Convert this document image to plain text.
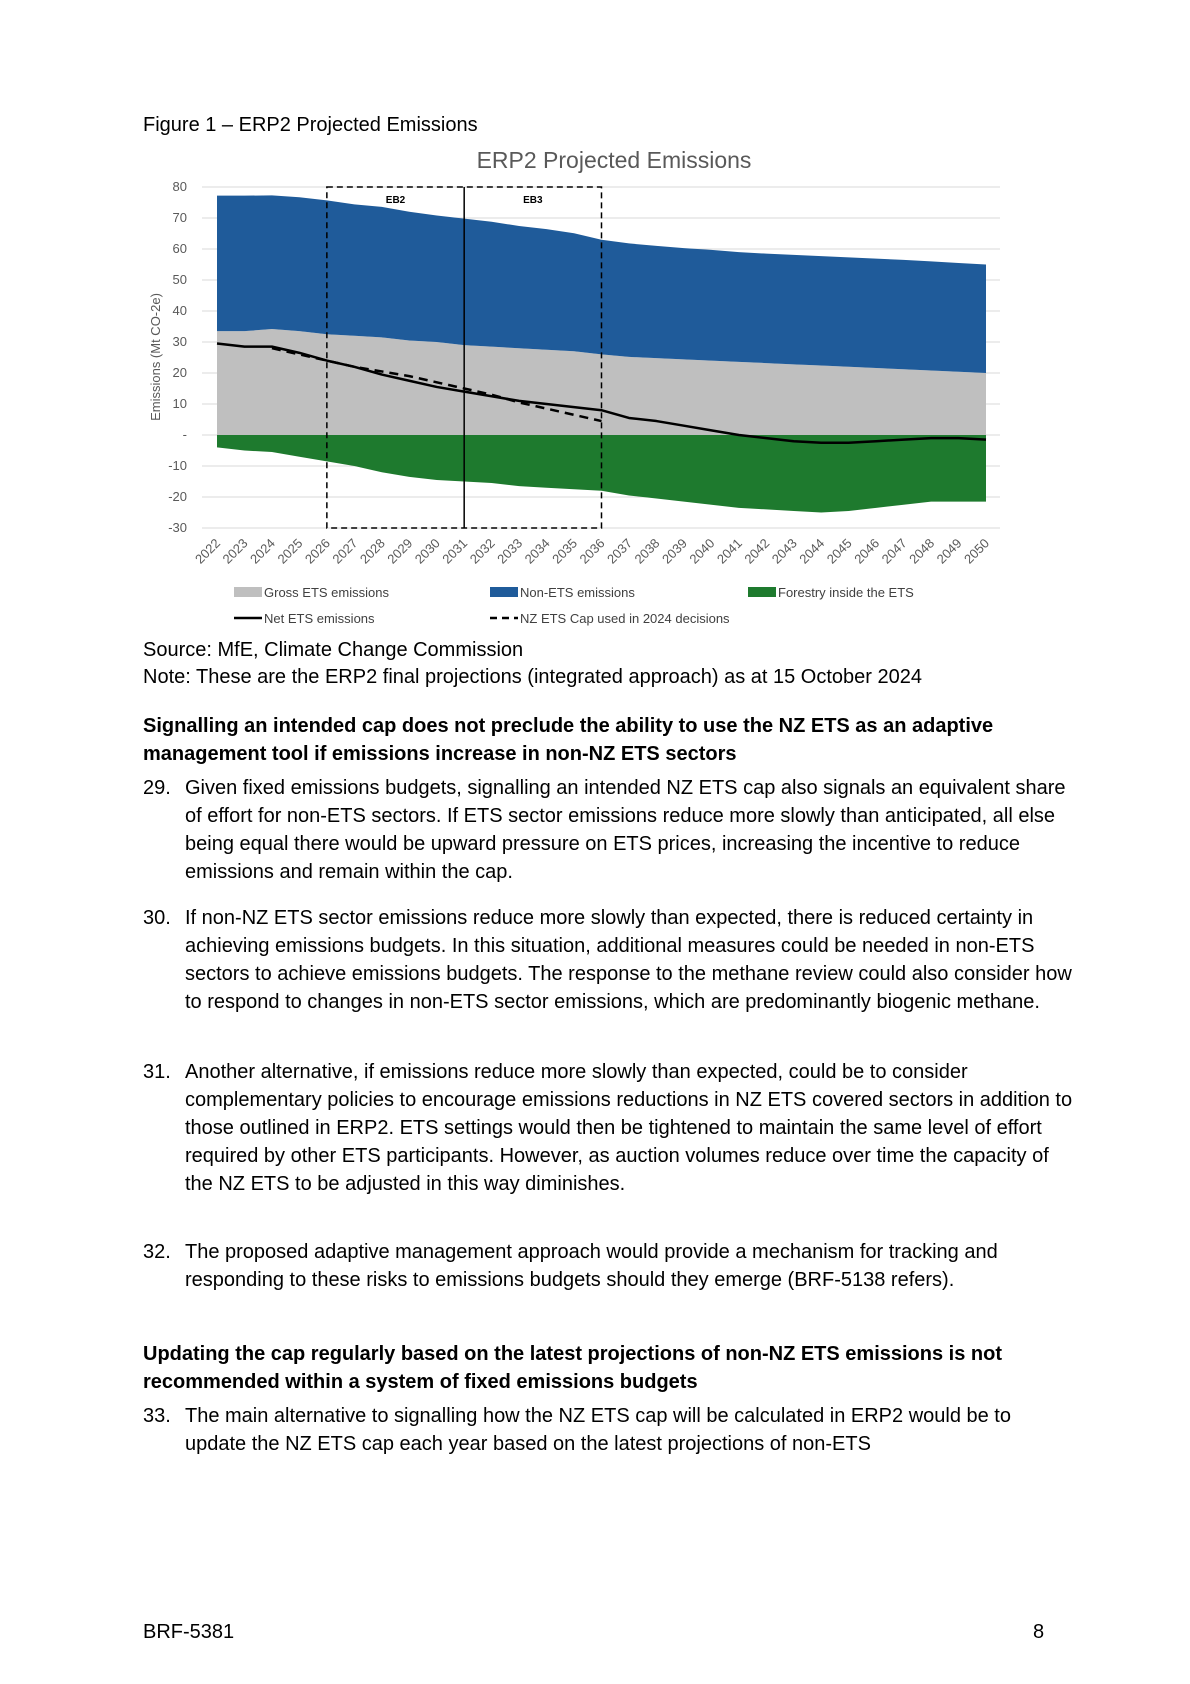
Figure 1 – ERP2 Projected Emissions
ERP2 Projected Emissions
80
70
60
50
40
30
20
10
-
-10
-20
-30
2022
2023
2024
2025
2026
2027
2028
2029
2030
2031
2032
2033
2034
2035
2036
2037
2038
2039
2040
2041
2042
2043
2044
2045
2046
2047
2048
2049
2050
EB2	EB3
Emissions (Mt CO-2e)
Gross ETS emissions	Non-ETS emissions	Forestry inside the ETS
Net ETS emissions	NZ ETS Cap used in 2024 decisions
Source: MfE, Climate Change Commission
Note: These are the ERP2 final projections (integrated approach) as at 15 October 2024
Signalling an intended cap does not preclude the ability to use the NZ ETS as an adaptive management tool if emissions increase in non-NZ ETS sectors
29. Given fixed emissions budgets, signalling an intended NZ ETS cap also signals an equivalent share of effort for non-ETS sectors. If ETS sector emissions reduce more slowly than anticipated, all else being equal there would be upward pressure on ETS prices, increasing the incentive to reduce emissions and remain within the cap.
30. If non-NZ ETS sector emissions reduce more slowly than expected, there is reduced certainty in achieving emissions budgets. In this situation, additional measures could be needed in non-ETS sectors to achieve emissions budgets. The response to the methane review could also consider how to respond to changes in non-ETS sector emissions, which are predominantly biogenic methane.
31. Another alternative, if emissions reduce more slowly than expected, could be to consider complementary policies to encourage emissions reductions in NZ ETS covered sectors in addition to those outlined in ERP2. ETS settings would then be tightened to maintain the same level of effort required by other ETS participants. However, as auction volumes reduce over time the capacity of the NZ ETS to be adjusted in this way diminishes.
32. The proposed adaptive management approach would provide a mechanism for tracking and responding to these risks to emissions budgets should they emerge (BRF-5138 refers).
Updating the cap regularly based on the latest projections of non-NZ ETS emissions is not recommended within a system of fixed emissions budgets
33. The main alternative to signalling how the NZ ETS cap will be calculated in ERP2 would be to update the NZ ETS cap each year based on the latest projections of non-ETS
BRF-5381	8
